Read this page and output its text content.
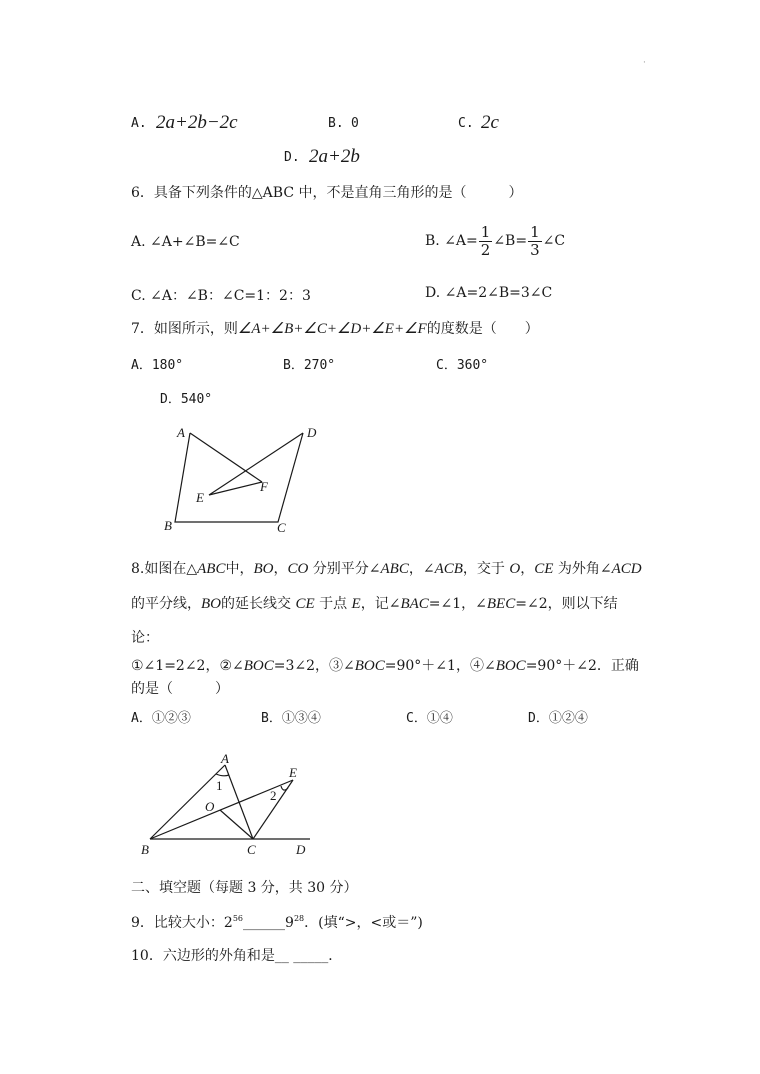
·
A. 2a+2b−2c	B. 0	C. 2c
D. 2a+2b
6．具备下列条件的△ABC 中，不是直角三角形的是（　　　）
A. ∠A+∠B=∠C	B. ∠A= $\frac{1}{2}$ ∠B= $\frac{1}{3}$ ∠C
C. ∠A：∠B：∠C=1：2：3	D. ∠A=2∠B=3∠C
7．如图所示，则∠A+∠B+∠C+∠D+∠E+∠F的度数是（　　）
A．180°	B．270°	C．360°
D．540°
A
B	C
D
E
F
8.如图在△ABC中，BO，CO 分别平分∠ABC，∠ACB，交于 O，CE 为外角∠ACD
的平分线，BO的延长线交 CE 于点 E，记∠BAC=∠1，∠BEC=∠2，则以下结
论：
①∠1=2∠2，②∠BOC=3∠2，③∠BOC=90°＋∠1，④∠BOC=90°＋∠2．正确
的是（　　　）
A．①②③	B．①③④	C．①④	D．①②④
A
B	C	D
E
O
1
2
二、填空题（每题 3 分，共 30 分）
9．比较大小：$2^{56}\_\_\_\_\_\_9^{28}$．(填“>，<或＝”)
10．六边形的外角和是__ _____．
